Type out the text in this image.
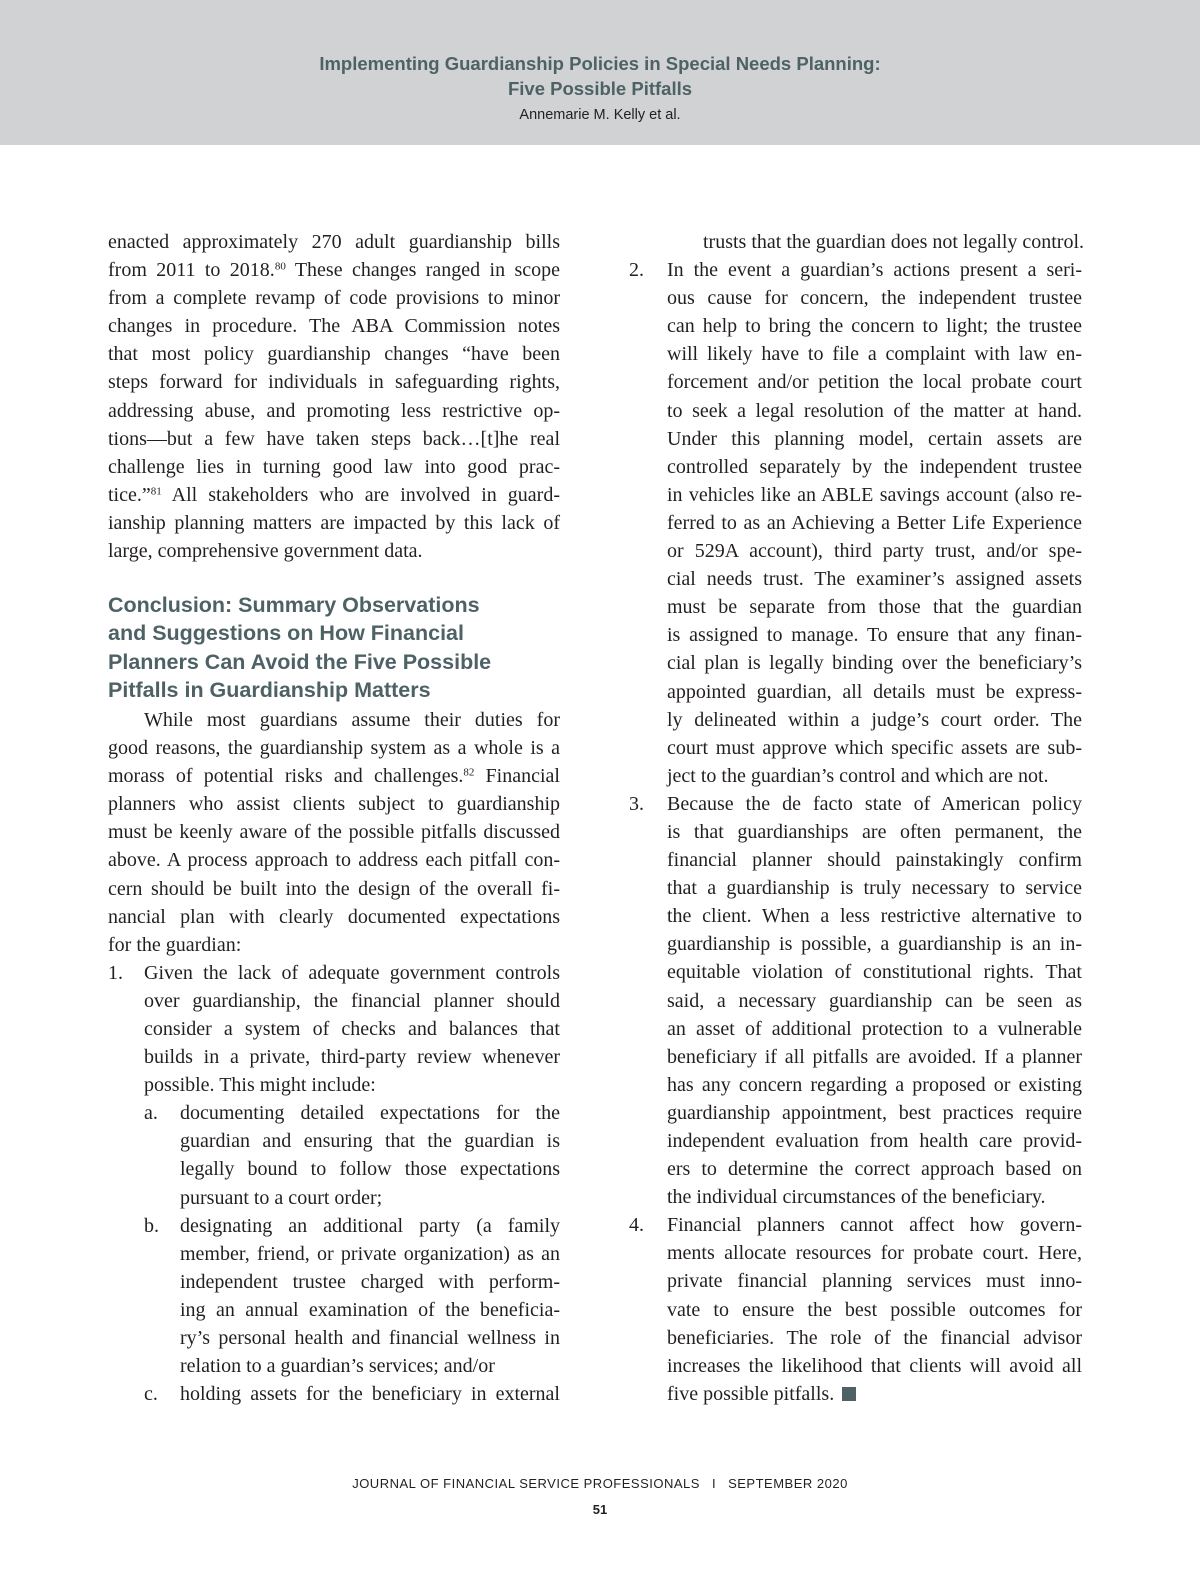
Implementing Guardianship Policies in Special Needs Planning:
Five Possible Pitfalls
Annemarie M. Kelly et al.
enacted approximately 270 adult guardianship bills
from 2011 to 2018.80 These changes ranged in scope
from a complete revamp of code provisions to minor
changes in procedure. The ABA Commission notes
that most policy guardianship changes “have been
steps forward for individuals in safeguarding rights,
addressing abuse, and promoting less restrictive op-
tions—but a few have taken steps back…[t]he real
challenge lies in turning good law into good prac-
tice.”$^{81}$ All stakeholders who are involved in guard-
ianship planning matters are impacted by this lack of
large, comprehensive government data.
Conclusion: Summary Observations
and Suggestions on How Financial
Planners Can Avoid the Five Possible
Pitfalls in Guardianship Matters
While most guardians assume their duties for
good reasons, the guardianship system as a whole is a
morass of potential risks and challenges.$^{82}$ Financial
planners who assist clients subject to guardianship
must be keenly aware of the possible pitfalls discussed
above. A process approach to address each pitfall con-
cern should be built into the design of the overall fi-
nancial plan with clearly documented expectations
for the guardian:
1. Given the lack of adequate government controls
over guardianship, the financial planner should
consider a system of checks and balances that
builds in a private, third-party review whenever
possible. This might include:
a. documenting detailed expectations for the
guardian and ensuring that the guardian is
legally bound to follow those expectations
pursuant to a court order;
b. designating an additional party (a family
member, friend, or private organization) as an
independent trustee charged with perform-
ing an annual examination of the beneficia-
ry’s personal health and financial wellness in
relation to a guardian’s services; and/or
c. holding assets for the beneficiary in external
trusts that the guardian does not legally control.
2. In the event a guardian’s actions present a seri-
ous cause for concern, the independent trustee
can help to bring the concern to light; the trustee
will likely have to file a complaint with law en-
forcement and/or petition the local probate court
to seek a legal resolution of the matter at hand.
Under this planning model, certain assets are
controlled separately by the independent trustee
in vehicles like an ABLE savings account (also re-
ferred to as an Achieving a Better Life Experience
or 529A account), third party trust, and/or spe-
cial needs trust. The examiner’s assigned assets
must be separate from those that the guardian
is assigned to manage. To ensure that any finan-
cial plan is legally binding over the beneficiary’s
appointed guardian, all details must be express-
ly delineated within a judge’s court order. The
court must approve which specific assets are sub-
ject to the guardian’s control and which are not.
3. Because the de facto state of American policy
is that guardianships are often permanent, the
financial planner should painstakingly confirm
that a guardianship is truly necessary to service
the client. When a less restrictive alternative to
guardianship is possible, a guardianship is an in-
equitable violation of constitutional rights. That
said, a necessary guardianship can be seen as
an asset of additional protection to a vulnerable
beneficiary if all pitfalls are avoided. If a planner
has any concern regarding a proposed or existing
guardianship appointment, best practices require
independent evaluation from health care provid-
ers to determine the correct approach based on
the individual circumstances of the beneficiary.
4. Financial planners cannot affect how govern-
ments allocate resources for probate court. Here,
private financial planning services must inno-
vate to ensure the best possible outcomes for
beneficiaries. The role of the financial advisor
increases the likelihood that clients will avoid all
five possible pitfalls.
JOURNAL OF FINANCIAL SERVICE PROFESSIONALS I SEPTEMBER 2020
51
